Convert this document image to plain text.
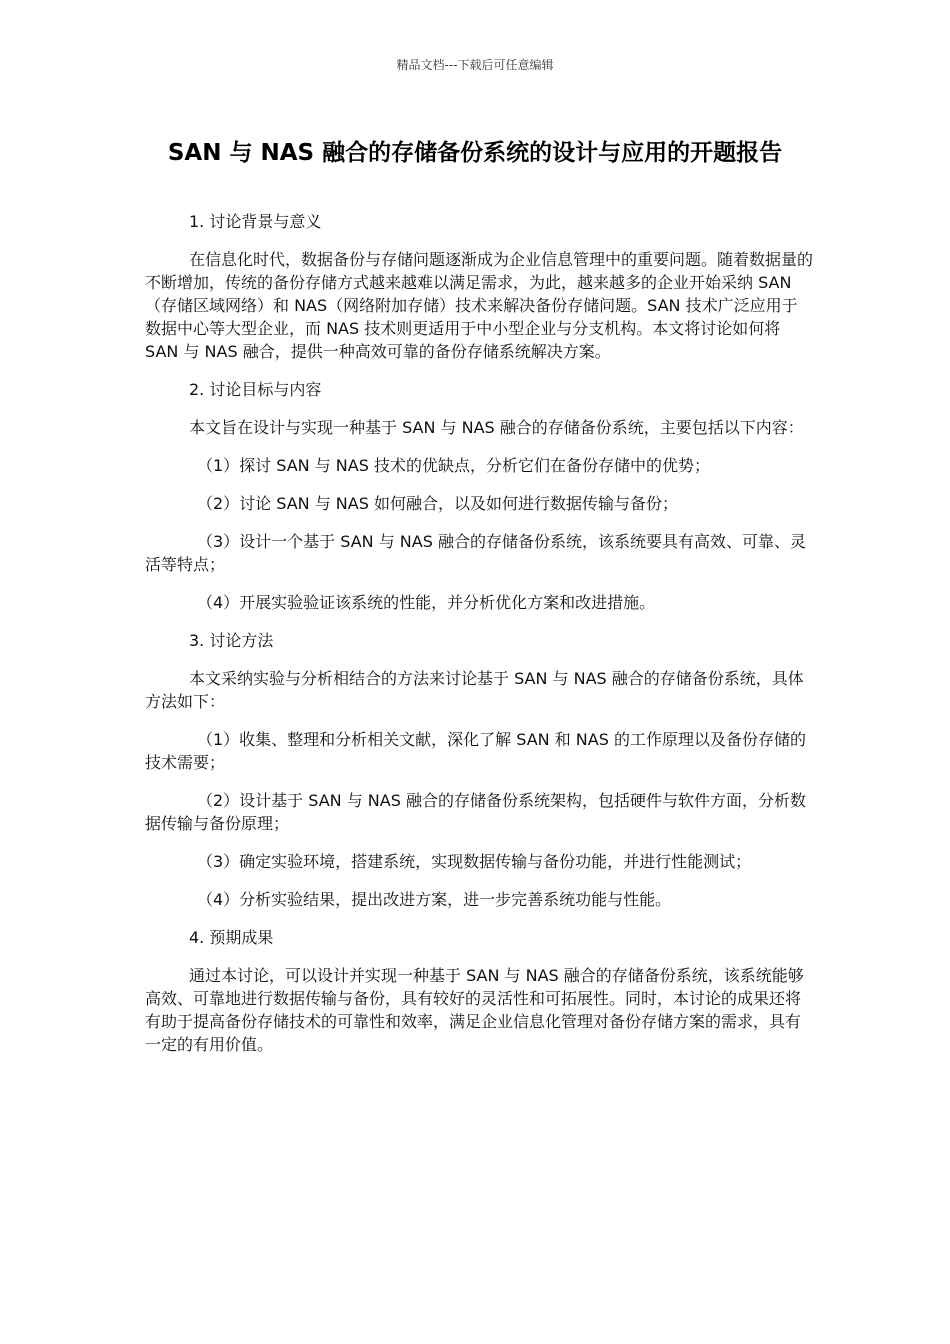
精品文档---下载后可任意编辑
SAN 与 NAS 融合的存储备份系统的设计与应用的开题报告

1. 讨论背景与意义

在信息化时代，数据备份与存储问题逐渐成为企业信息管理中的重要问题。随着数据量的不断增加，传统的备份存储方式越来越难以满足需求，为此，越来越多的企业开始采纳 SAN（存储区域网络）和 NAS（网络附加存储）技术来解决备份存储问题。SAN 技术广泛应用于数据中心等大型企业，而 NAS 技术则更适用于中小型企业与分支机构。本文将讨论如何将 SAN 与 NAS 融合，提供一种高效可靠的备份存储系统解决方案。

2. 讨论目标与内容

本文旨在设计与实现一种基于 SAN 与 NAS 融合的存储备份系统，主要包括以下内容：

（1）探讨 SAN 与 NAS 技术的优缺点，分析它们在备份存储中的优势；

（2）讨论 SAN 与 NAS 如何融合，以及如何进行数据传输与备份；

（3）设计一个基于 SAN 与 NAS 融合的存储备份系统，该系统要具有高效、可靠、灵活等特点；

（4）开展实验验证该系统的性能，并分析优化方案和改进措施。

3. 讨论方法

本文采纳实验与分析相结合的方法来讨论基于 SAN 与 NAS 融合的存储备份系统，具体方法如下：

（1）收集、整理和分析相关文献，深化了解 SAN 和 NAS 的工作原理以及备份存储的技术需要；

（2）设计基于 SAN 与 NAS 融合的存储备份系统架构，包括硬件与软件方面，分析数据传输与备份原理；

（3）确定实验环境，搭建系统，实现数据传输与备份功能，并进行性能测试；

（4）分析实验结果，提出改进方案，进一步完善系统功能与性能。

4. 预期成果

通过本讨论，可以设计并实现一种基于 SAN 与 NAS 融合的存储备份系统，该系统能够高效、可靠地进行数据传输与备份，具有较好的灵活性和可拓展性。同时，本讨论的成果还将有助于提高备份存储技术的可靠性和效率，满足企业信息化管理对备份存储方案的需求，具有一定的有用价值。
